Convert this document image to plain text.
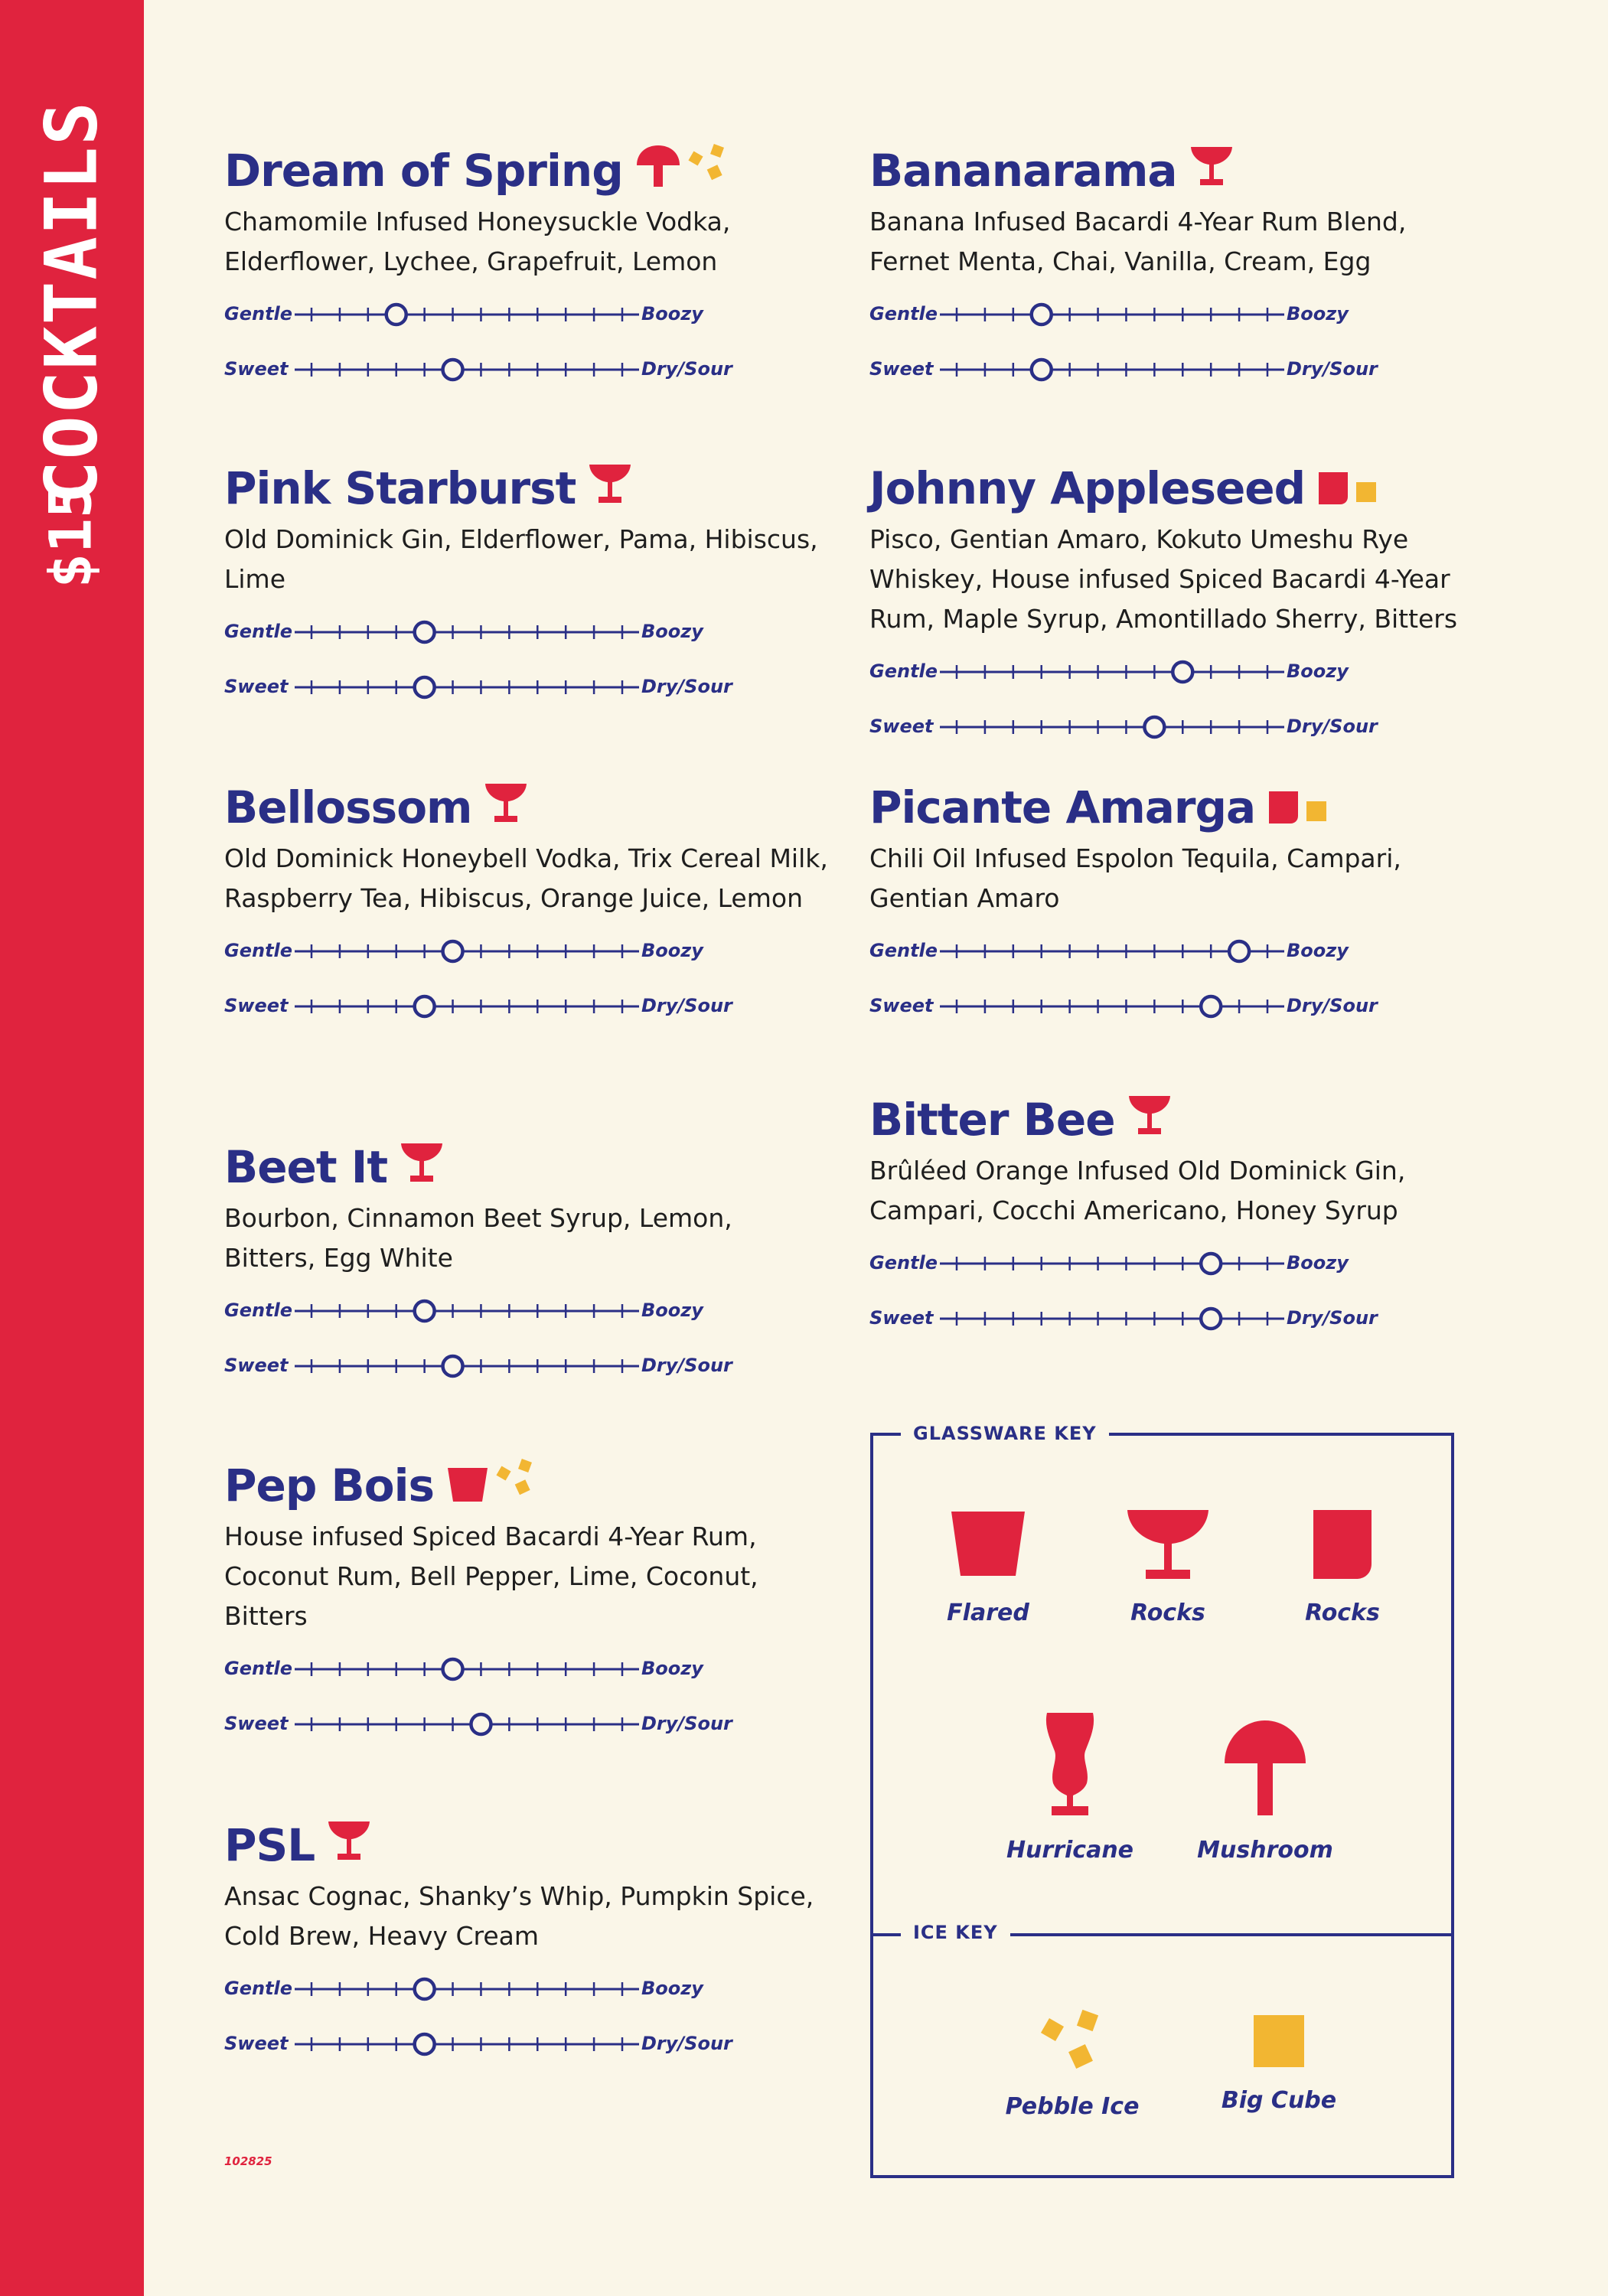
COCKTAILS
$15
Dream of Spring
Chamomile Infused Honeysuckle Vodka, Elderflower, Lychee, Grapefruit, Lemon
Gentle	Boozy
Sweet	Dry/Sour
Pink Starburst
Old Dominick Gin, Elderflower, Pama, Hibiscus, Lime
Gentle	Boozy
Sweet	Dry/Sour
Bellossom
Old Dominick Honeybell Vodka, Trix Cereal Milk, Raspberry Tea, Hibiscus, Orange Juice, Lemon
Gentle	Boozy
Sweet	Dry/Sour
Beet It
Bourbon, Cinnamon Beet Syrup, Lemon, Bitters, Egg White
Gentle	Boozy
Sweet	Dry/Sour
Pep Bois
House infused Spiced Bacardi 4-Year Rum, Coconut Rum, Bell Pepper, Lime, Coconut, Bitters
Gentle	Boozy
Sweet	Dry/Sour
PSL
Ansac Cognac, Shanky’s Whip, Pumpkin Spice, Cold Brew, Heavy Cream
Gentle	Boozy
Sweet	Dry/Sour
Bananarama
Banana Infused Bacardi 4-Year Rum Blend, Fernet Menta, Chai, Vanilla, Cream, Egg
Gentle	Boozy
Sweet	Dry/Sour
Johnny Appleseed
Pisco, Gentian Amaro, Kokuto Umeshu Rye Whiskey, House infused Spiced Bacardi 4-Year Rum, Maple Syrup, Amontillado Sherry, Bitters
Gentle	Boozy
Sweet	Dry/Sour
Picante Amarga
Chili Oil Infused Espolon Tequila, Campari, Gentian Amaro
Gentle	Boozy
Sweet	Dry/Sour
Bitter Bee
Brûléed Orange Infused Old Dominick Gin, Campari, Cocchi Americano, Honey Syrup
Gentle	Boozy
Sweet	Dry/Sour
GLASSWARE KEY
ICE KEY
Flared	Rocks	Rocks
Hurricane	Mushroom
Pebble Ice	Big Cube
102825
